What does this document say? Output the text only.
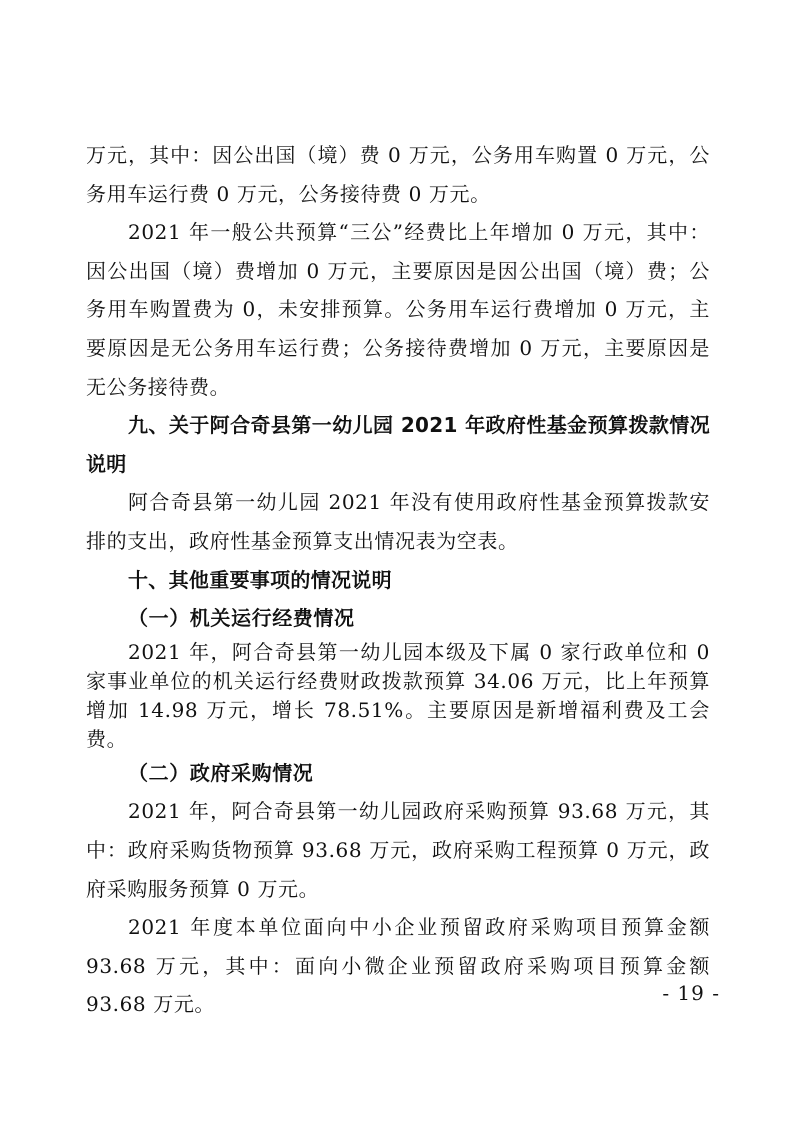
万元，其中：因公出国（境）费 0 万元，公务用车购置 0 万元，公务用车运行费 0 万元，公务接待费 0 万元。

2021 年一般公共预算“三公”经费比上年增加 0 万元，其中：因公出国（境）费增加 0 万元，主要原因是因公出国（境）费；公务用车购置费为 0，未安排预算。公务用车运行费增加 0 万元，主要原因是无公务用车运行费；公务接待费增加 0 万元，主要原因是无公务接待费。

九、关于阿合奇县第一幼儿园 2021 年政府性基金预算拨款情况说明

阿合奇县第一幼儿园 2021 年没有使用政府性基金预算拨款安排的支出，政府性基金预算支出情况表为空表。

十、其他重要事项的情况说明

（一）机关运行经费情况

2021 年，阿合奇县第一幼儿园本级及下属 0 家行政单位和 0 家事业单位的机关运行经费财政拨款预算 34.06 万元，比上年预算增加 14.98 万元，增长 78.51%。主要原因是新增福利费及工会费。

（二）政府采购情况

2021 年，阿合奇县第一幼儿园政府采购预算 93.68 万元，其中：政府采购货物预算 93.68 万元，政府采购工程预算 0 万元，政府采购服务预算 0 万元。

2021 年度本单位面向中小企业预留政府采购项目预算金额 93.68 万元，其中：面向小微企业预留政府采购项目预算金额 93.68 万元。	- 19 -
